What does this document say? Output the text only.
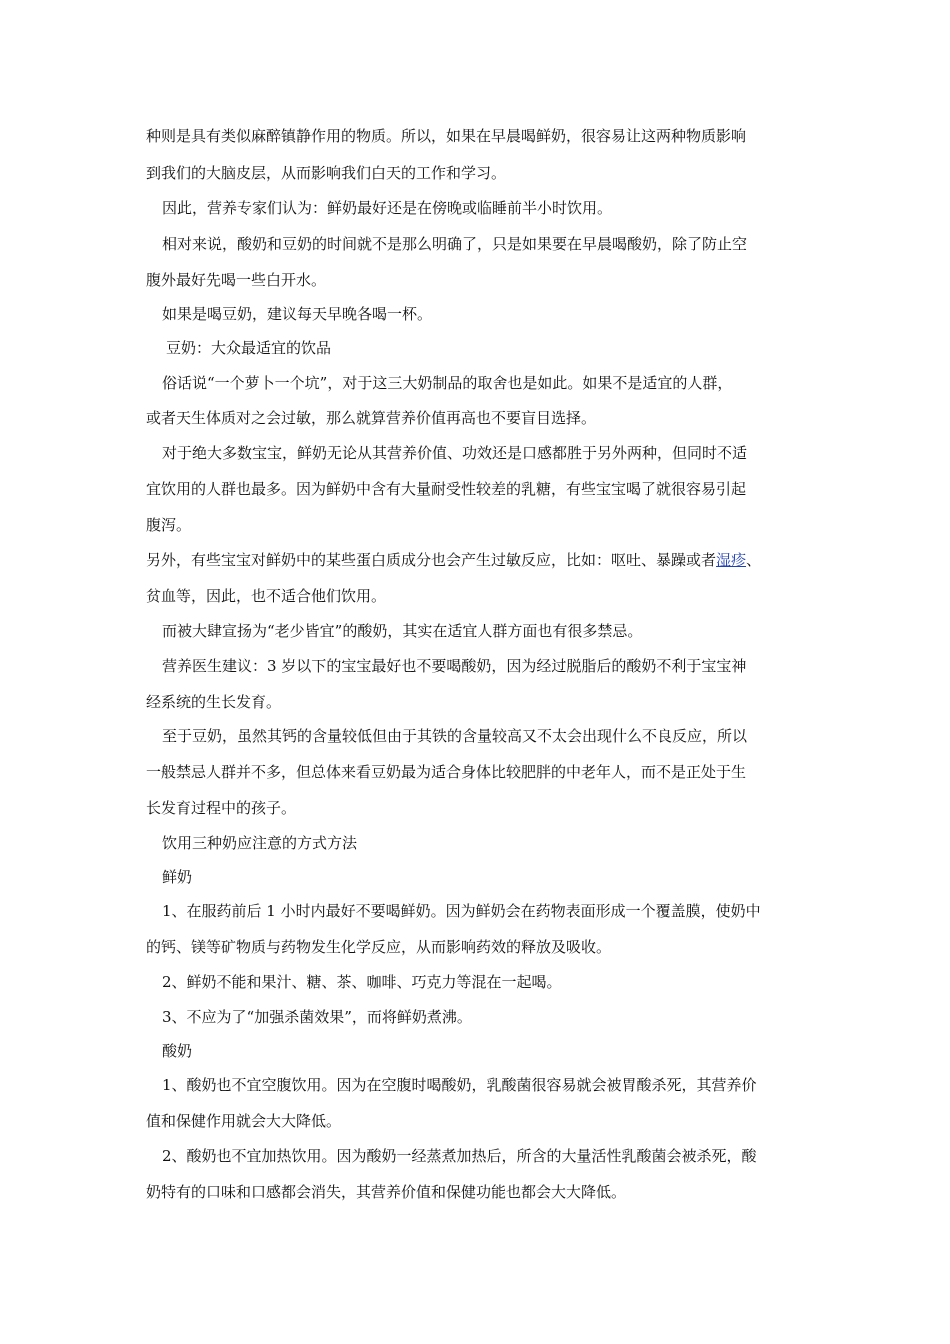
种则是具有类似麻醉镇静作用的物质。所以，如果在早晨喝鲜奶，很容易让这两种物质影响
到我们的大脑皮层，从而影响我们白天的工作和学习。
因此，营养专家们认为：鲜奶最好还是在傍晚或临睡前半小时饮用。
相对来说，酸奶和豆奶的时间就不是那么明确了，只是如果要在早晨喝酸奶，除了防止空
腹外最好先喝一些白开水。
如果是喝豆奶，建议每天早晚各喝一杯。
豆奶：大众最适宜的饮品
俗话说“一个萝卜一个坑”，对于这三大奶制品的取舍也是如此。如果不是适宜的人群，
或者天生体质对之会过敏，那么就算营养价值再高也不要盲目选择。
对于绝大多数宝宝，鲜奶无论从其营养价值、功效还是口感都胜于另外两种，但同时不适
宜饮用的人群也最多。因为鲜奶中含有大量耐受性较差的乳糖，有些宝宝喝了就很容易引起
腹泻。
另外，有些宝宝对鲜奶中的某些蛋白质成分也会产生过敏反应，比如：呕吐、暴躁或者湿疹、
贫血等，因此，也不适合他们饮用。
而被大肆宣扬为“老少皆宜”的酸奶，其实在适宜人群方面也有很多禁忌。
营养医生建议：3 岁以下的宝宝最好也不要喝酸奶，因为经过脱脂后的酸奶不利于宝宝神
经系统的生长发育。
至于豆奶，虽然其钙的含量较低但由于其铁的含量较高又不太会出现什么不良反应，所以
一般禁忌人群并不多，但总体来看豆奶最为适合身体比较肥胖的中老年人，而不是正处于生
长发育过程中的孩子。
饮用三种奶应注意的方式方法
鲜奶
1、在服药前后 1 小时内最好不要喝鲜奶。因为鲜奶会在药物表面形成一个覆盖膜，使奶中
的钙、镁等矿物质与药物发生化学反应，从而影响药效的释放及吸收。
2、鲜奶不能和果汁、糖、茶、咖啡、巧克力等混在一起喝。
3、不应为了“加强杀菌效果”，而将鲜奶煮沸。
酸奶
1、酸奶也不宜空腹饮用。因为在空腹时喝酸奶，乳酸菌很容易就会被胃酸杀死，其营养价
值和保健作用就会大大降低。
2、酸奶也不宜加热饮用。因为酸奶一经蒸煮加热后，所含的大量活性乳酸菌会被杀死，酸
奶特有的口味和口感都会消失，其营养价值和保健功能也都会大大降低。
